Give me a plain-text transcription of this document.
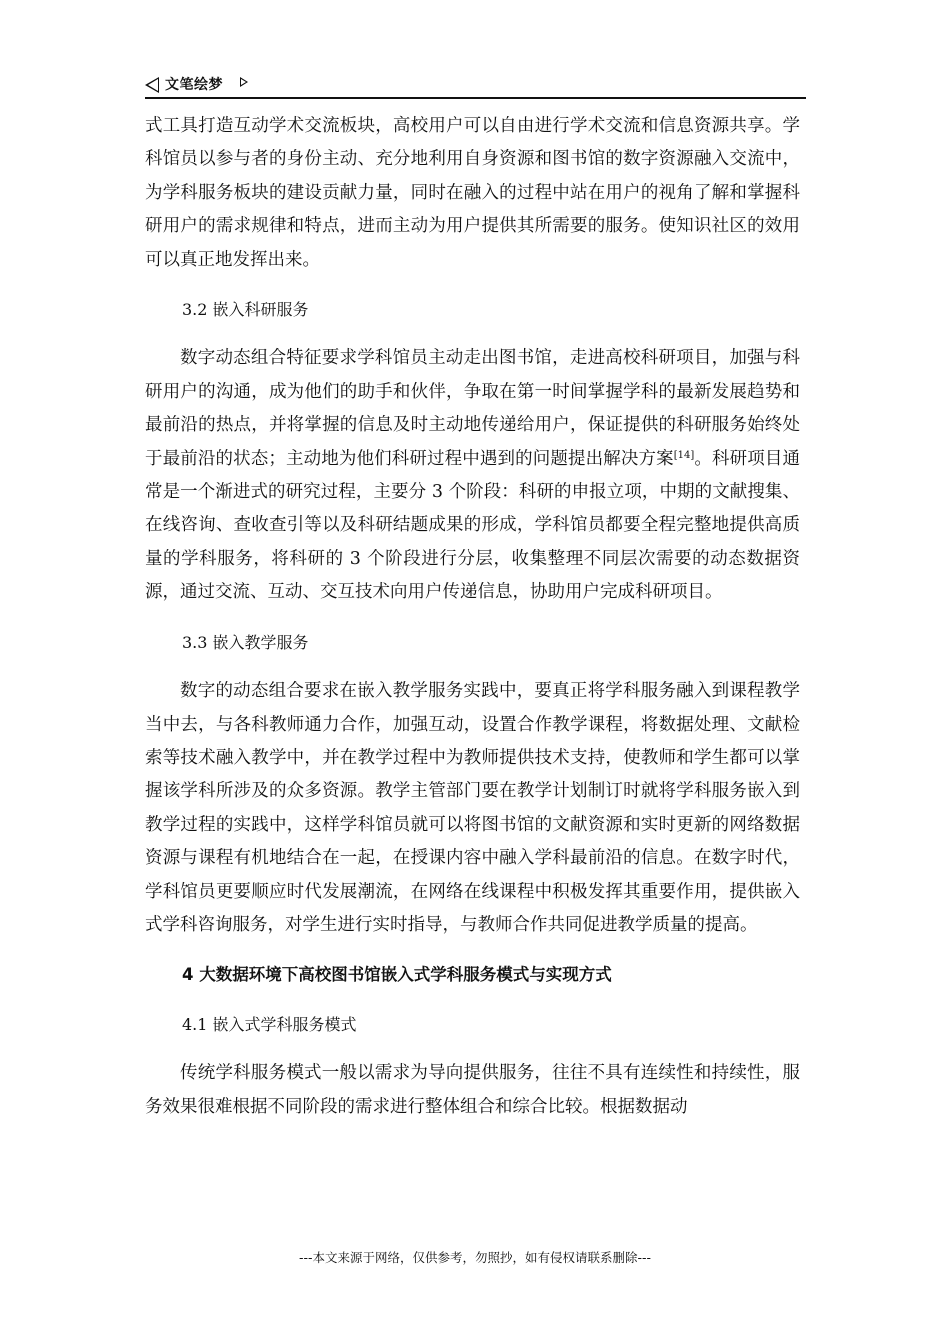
文笔绘梦

式工具打造互动学术交流板块，高校用户可以自由进行学术交流和信息资源共享。学科馆员以参与者的身份主动、充分地利用自身资源和图书馆的数字资源融入交流中，为学科服务板块的建设贡献力量，同时在融入的过程中站在用户的视角了解和掌握科研用户的需求规律和特点，进而主动为用户提供其所需要的服务。使知识社区的效用可以真正地发挥出来。

3.2 嵌入科研服务

数字动态组合特征要求学科馆员主动走出图书馆，走进高校科研项目，加强与科研用户的沟通，成为他们的助手和伙伴，争取在第一时间掌握学科的最新发展趋势和最前沿的热点，并将掌握的信息及时主动地传递给用户，保证提供的科研服务始终处于最前沿的状态；主动地为他们科研过程中遇到的问题提出解决方案[14]。科研项目通常是一个渐进式的研究过程，主要分 3 个阶段：科研的申报立项，中期的文献搜集、在线咨询、查收查引等以及科研结题成果的形成，学科馆员都要全程完整地提供高质量的学科服务，将科研的 3 个阶段进行分层，收集整理不同层次需要的动态数据资源，通过交流、互动、交互技术向用户传递信息，协助用户完成科研项目。

3.3 嵌入教学服务

数字的动态组合要求在嵌入教学服务实践中，要真正将学科服务融入到课程教学当中去，与各科教师通力合作，加强互动，设置合作教学课程，将数据处理、文献检索等技术融入教学中，并在教学过程中为教师提供技术支持，使教师和学生都可以掌握该学科所涉及的众多资源。教学主管部门要在教学计划制订时就将学科服务嵌入到教学过程的实践中，这样学科馆员就可以将图书馆的文献资源和实时更新的网络数据资源与课程有机地结合在一起，在授课内容中融入学科最前沿的信息。在数字时代，学科馆员更要顺应时代发展潮流，在网络在线课程中积极发挥其重要作用，提供嵌入式学科咨询服务，对学生进行实时指导，与教师合作共同促进教学质量的提高。

4 大数据环境下高校图书馆嵌入式学科服务模式与实现方式

4.1 嵌入式学科服务模式

传统学科服务模式一般以需求为导向提供服务，往往不具有连续性和持续性，服务效果很难根据不同阶段的需求进行整体组合和综合比较。根据数据动

---本文来源于网络，仅供参考，勿照抄，如有侵权请联系删除---
